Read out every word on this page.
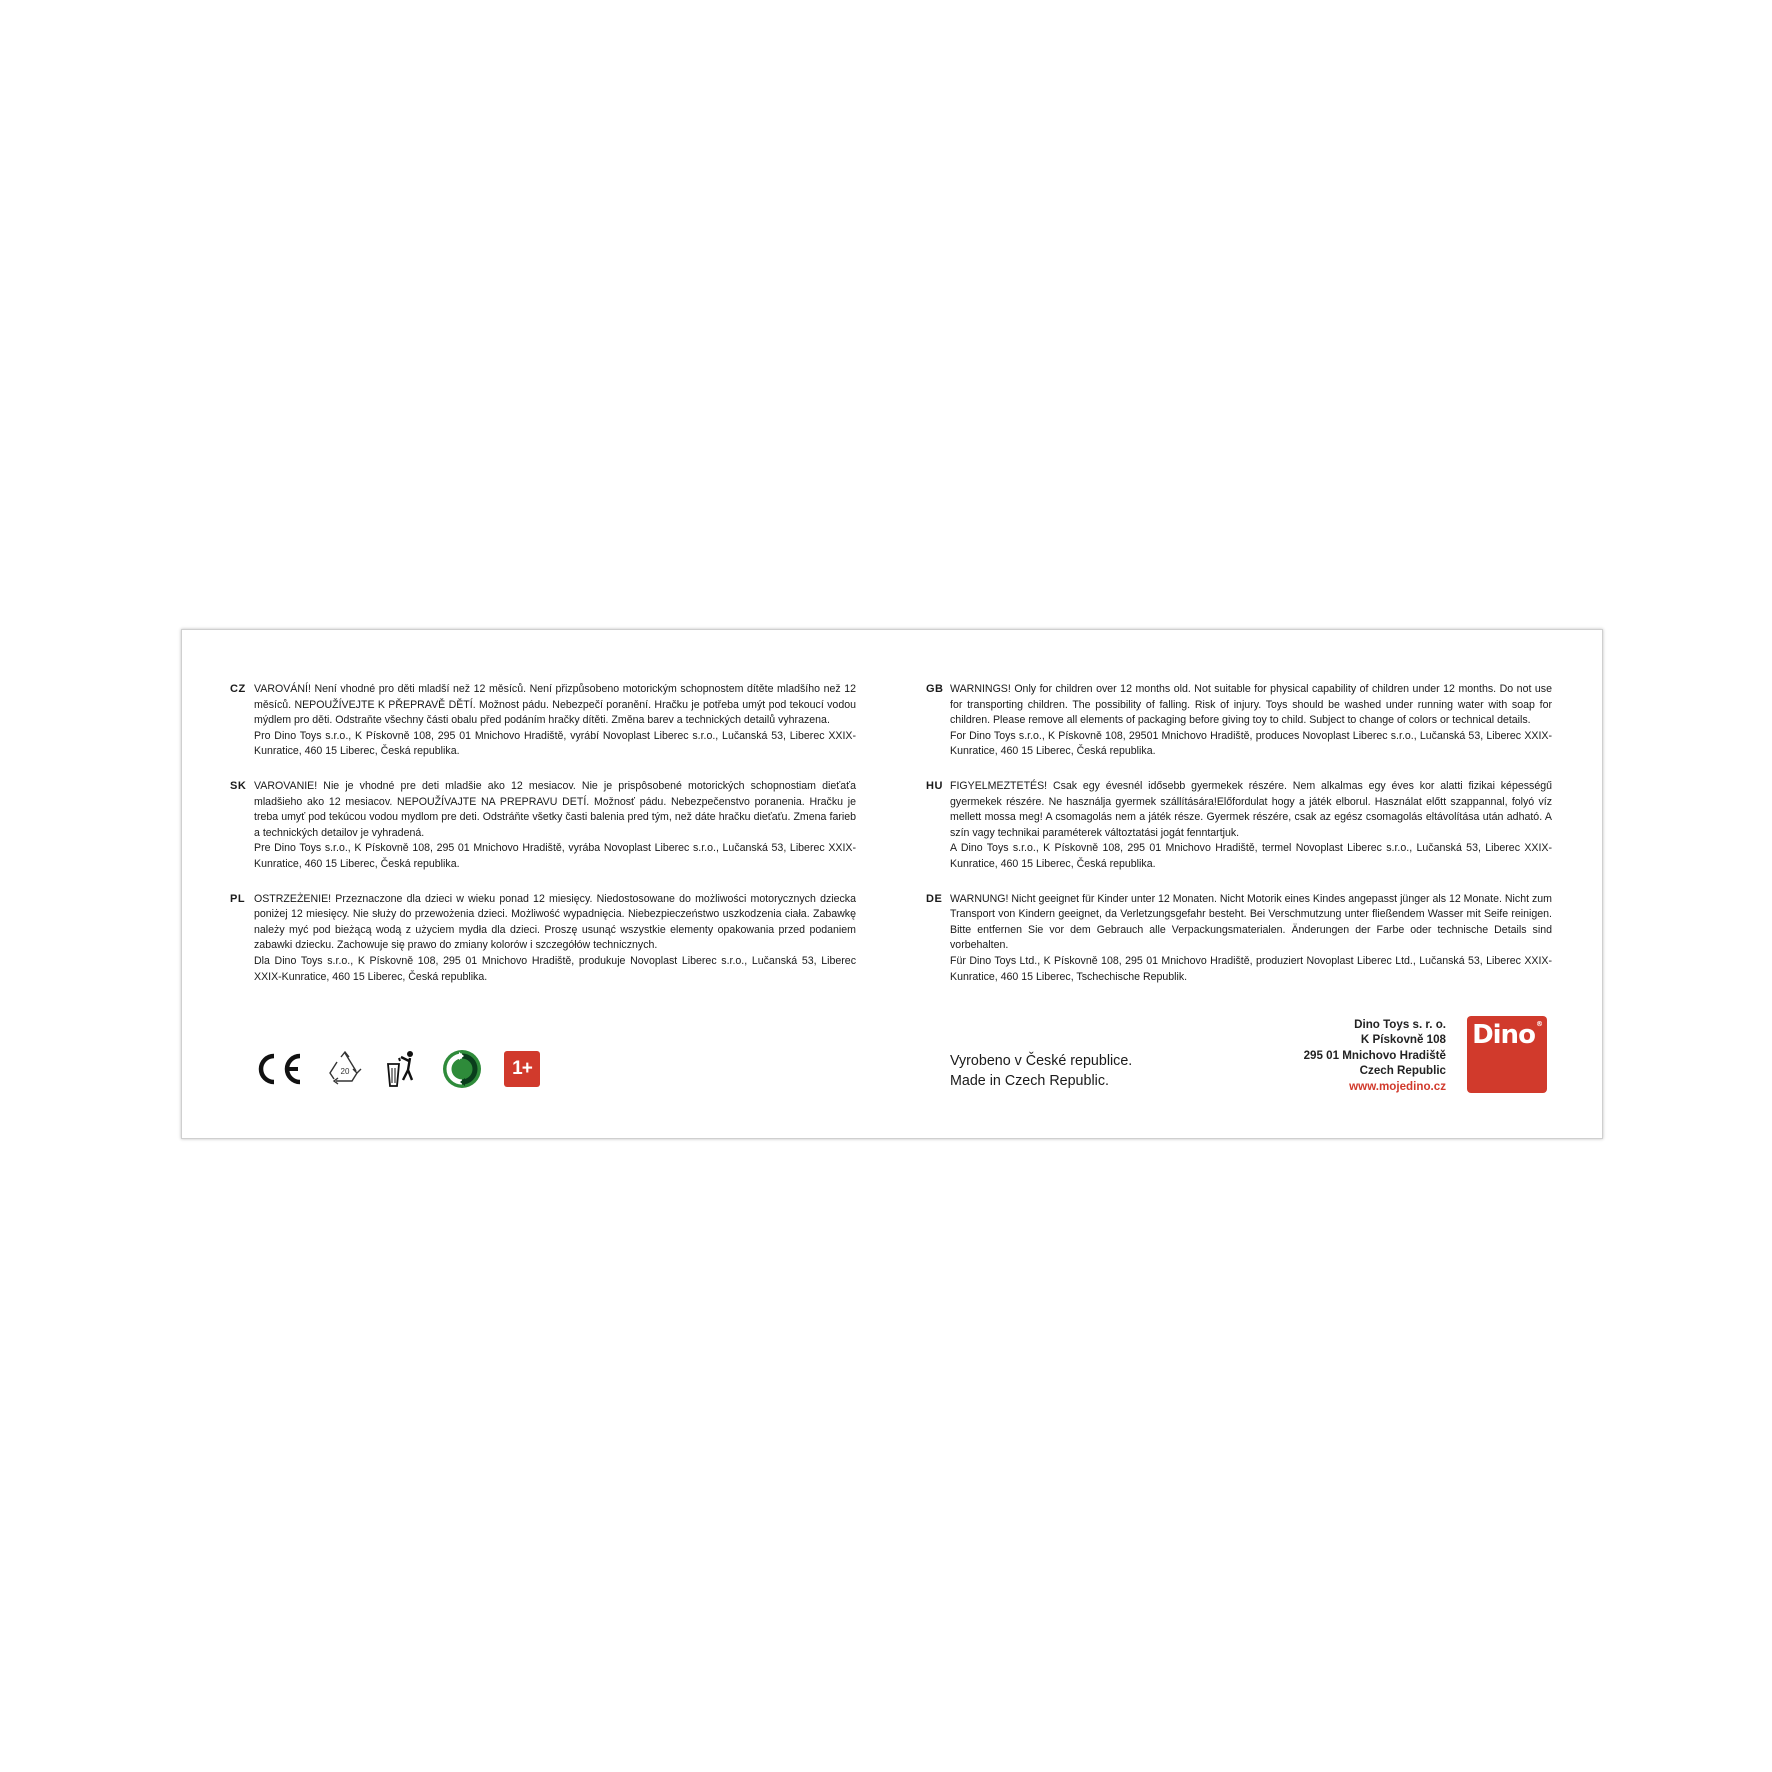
CZ VAROVÁNÍ! Není vhodné pro děti mladší než 12 měsíců. Není přizpůsobeno motorickým schopnostem dítěte mladšího než 12 měsíců. NEPOUŽÍVEJTE K PŘEPRAVĚ DĚTÍ. Možnost pádu. Nebezpečí poranění. Hračku je potřeba umýt pod tekoucí vodou mýdlem pro děti. Odstraňte všechny části obalu před podáním hračky dítěti. Změna barev a technických detailů vyhrazena.

Pro Dino Toys s.r.o., K Pískovně 108, 295 01 Mnichovo Hradiště, vyrábí Novoplast Liberec s.r.o., Lučanská 53, Liberec XXIX-Kunratice, 460 15 Liberec, Česká republika.

SK VAROVANIE! Nie je vhodné pre deti mladšie ako 12 mesiacov. Nie je prispôsobené motorických schopnostiam dieťaťa mladšieho ako 12 mesiacov. NEPOUŽÍVAJTE NA PREPRAVU DETÍ. Možnosť pádu. Nebezpečenstvo poranenia. Hračku je treba umyť pod tekúcou vodou mydlom pre deti. Odstráňte všetky časti balenia pred tým, než dáte hračku dieťaťu. Zmena farieb a technických detailov je vyhradená.

Pre Dino Toys s.r.o., K Pískovně 108, 295 01 Mnichovo Hradiště, vyrába Novoplast Liberec s.r.o., Lučanská 53, Liberec XXIX-Kunratice, 460 15 Liberec, Česká republika.

PL OSTRZEŻENIE! Przeznaczone dla dzieci w wieku ponad 12 miesięcy. Niedostosowane do możliwości motorycznych dziecka poniżej 12 miesięcy. Nie służy do przewożenia dzieci. Możliwość wypadnięcia. Niebezpieczeństwo uszkodzenia ciała. Zabawkę należy myć pod bieżącą wodą z użyciem mydła dla dzieci. Proszę usunąć wszystkie elementy opakowania przed podaniem zabawki dziecku. Zachowuje się prawo do zmiany kolorów i szczegółów technicznych.

Dla Dino Toys s.r.o., K Pískovně 108, 295 01 Mnichovo Hradiště, produkuje Novoplast Liberec s.r.o., Lučanská 53, Liberec XXIX-Kunratice, 460 15 Liberec, Česká republika.

GB WARNINGS! Only for children over 12 months old. Not suitable for physical capability of children under 12 months. Do not use for transporting children. The possibility of falling. Risk of injury. Toys should be washed under running water with soap for children. Please remove all elements of packaging before giving toy to child. Subject to change of colors or technical details.

For Dino Toys s.r.o., K Pískovně 108, 29501 Mnichovo Hradiště, produces Novoplast Liberec s.r.o., Lučanská 53, Liberec XXIX-Kunratice, 460 15 Liberec, Česká republika.

HU FIGYELMEZTETÉS! Csak egy évesnél idősebb gyermekek részére. Nem alkalmas egy éves kor alatti fizikai képességű gyermekek részére. Ne használja gyermek szállítására!Előfordulat hogy a játék elborul. Használat előtt szappannal, folyó víz mellett mossa meg! A csomagolás nem a játék része. Gyermek részére, csak az egész csomagolás eltávolítása után adható. A szín vagy technikai paraméterek változtatási jogát fenntartjuk.

A Dino Toys s.r.o., K Pískovně 108, 295 01 Mnichovo Hradiště, termel Novoplast Liberec s.r.o., Lučanská 53, Liberec XXIX-Kunratice, 460 15 Liberec, Česká republika.

DE WARNUNG! Nicht geeignet für Kinder unter 12 Monaten. Nicht Motorik eines Kindes angepasst jünger als 12 Monate. Nicht zum Transport von Kindern geeignet, da Verletzungsgefahr besteht. Bei Verschmutzung unter fließendem Wasser mit Seife reinigen. Bitte entfernen Sie vor dem Gebrauch alle Verpackungsmaterialen. Änderungen der Farbe oder technische Details sind vorbehalten.

Für Dino Toys Ltd., K Pískovně 108, 295 01 Mnichovo Hradiště, produziert Novoplast Liberec Ltd., Lučanská 53, Liberec XXIX-Kunratice, 460 15 Liberec, Tschechische Republik.

20	1+	Vyrobeno v České republice.

Made in Czech Republic.

Dino Toys s. r. o.

K Pískovně 108

295 01 Mnichovo Hradiště

Czech Republic

www.mojedino.cz

Dino ®
